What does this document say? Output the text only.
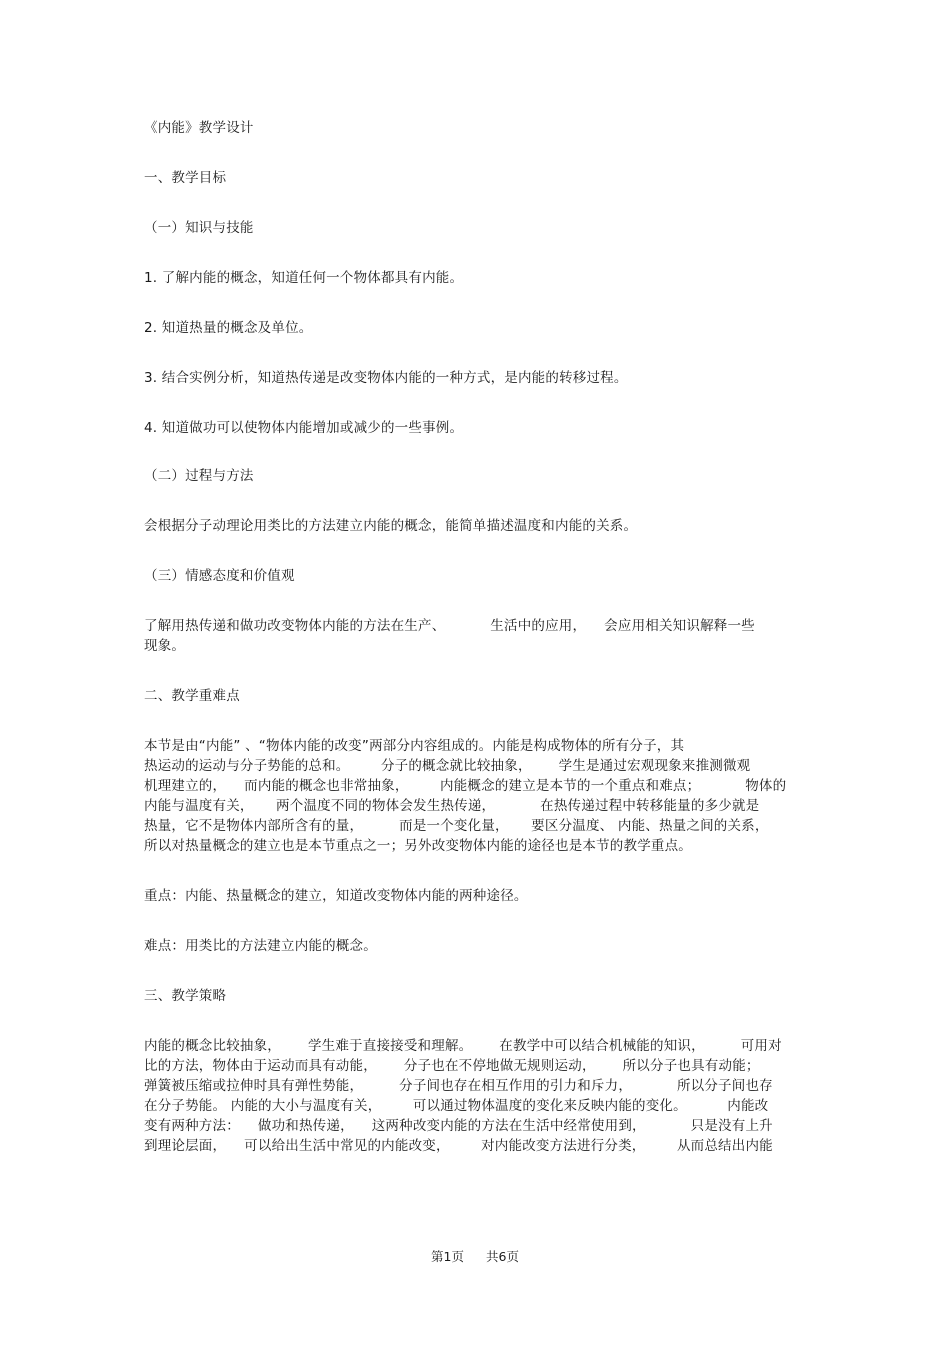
《内能》教学设计

一、教学目标

（一）知识与技能

1. 了解内能的概念，知道任何一个物体都具有内能。

2. 知道热量的概念及单位。

3. 结合实例分析，知道热传递是改变物体内能的一种方式，是内能的转移过程。

4. 知道做功可以使物体内能增加或减少的一些事例。

（二）过程与方法

会根据分子动理论用类比的方法建立内能的概念，能简单描述温度和内能的关系。

（三）情感态度和价值观

了解用热传递和做功改变物体内能的方法在生产、          生活中的应用，    会应用相关知识解释一些

现象。

二、教学重难点

本节是由“内能” 、“物体内能的改变”两部分内容组成的。内能是构成物体的所有分子，其

热运动的运动与分子势能的总和。       分子的概念就比较抽象，      学生是通过宏观现象来推测微观

机理建立的，    而内能的概念也非常抽象，       内能概念的建立是本节的一个重点和难点；          物体的

内能与温度有关，     两个温度不同的物体会发生热传递，          在热传递过程中转移能量的多少就是

热量，它不是物体内部所含有的量，        而是一个变化量，     要区分温度、 内能、热量之间的关系，

所以对热量概念的建立也是本节重点之一；另外改变物体内能的途径也是本节的教学重点。

重点：内能、热量概念的建立，知道改变物体内能的两种途径。

难点：用类比的方法建立内能的概念。

三、教学策略

内能的概念比较抽象，      学生难于直接接受和理解。      在教学中可以结合机械能的知识，        可用对

比的方法，物体由于运动而具有动能，      分子也在不停地做无规则运动，      所以分子也具有动能；

弹簧被压缩或拉伸时具有弹性势能，        分子间也存在相互作用的引力和斥力，          所以分子间也存

在分子势能。 内能的大小与温度有关，       可以通过物体温度的变化来反映内能的变化。         内能改

变有两种方法：    做功和热传递，    这两种改变内能的方法在生活中经常使用到，          只是没有上升

到理论层面，    可以给出生活中常见的内能改变，       对内能改变方法进行分类，       从而总结出内能

第1页 共6页
